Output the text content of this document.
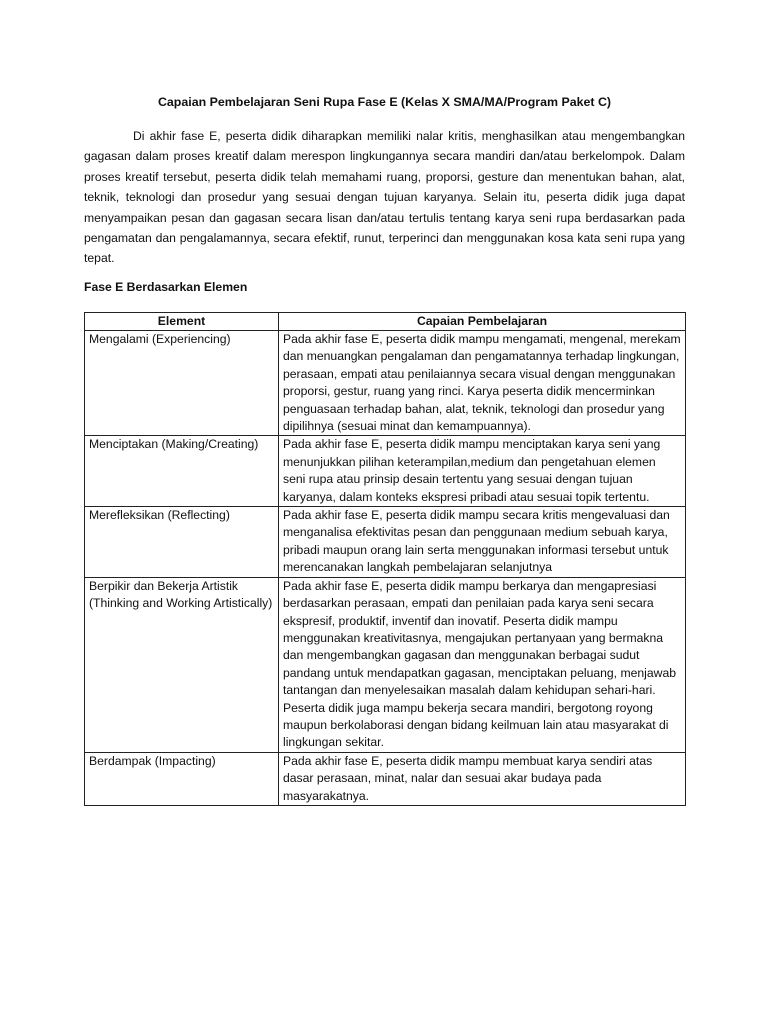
Capaian Pembelajaran Seni Rupa Fase E (Kelas X SMA/MA/Program Paket C)

Di akhir fase E, peserta didik diharapkan memiliki nalar kritis, menghasilkan atau mengembangkan gagasan dalam proses kreatif dalam merespon lingkungannya secara mandiri dan/atau berkelompok. Dalam proses kreatif tersebut, peserta didik telah memahami ruang, proporsi, gesture dan menentukan bahan, alat, teknik, teknologi dan prosedur yang sesuai dengan tujuan karyanya. Selain itu, peserta didik juga dapat menyampaikan pesan dan gagasan secara lisan dan/atau tertulis tentang karya seni rupa berdasarkan pada pengamatan dan pengalamannya, secara efektif, runut, terperinci dan menggunakan kosa kata seni rupa yang tepat.

Fase E Berdasarkan Elemen
Element	Capaian Pembelajaran
Mengalami (Experiencing)	Pada akhir fase E, peserta didik mampu mengamati, mengenal, merekam dan menuangkan pengalaman dan pengamatannya terhadap lingkungan, perasaan, empati atau penilaiannya secara visual dengan menggunakan proporsi, gestur, ruang yang rinci. Karya peserta didik mencerminkan penguasaan terhadap bahan, alat, teknik, teknologi dan prosedur yang dipilihnya (sesuai minat dan kemampuannya).
Menciptakan (Making/Creating)	Pada akhir fase E, peserta didik mampu menciptakan karya seni yang menunjukkan pilihan keterampilan,medium dan pengetahuan elemen seni rupa atau prinsip desain tertentu yang sesuai dengan tujuan karyanya, dalam konteks ekspresi pribadi atau sesuai topik tertentu.
Merefleksikan (Reflecting)	Pada akhir fase E, peserta didik mampu secara kritis mengevaluasi dan menganalisa efektivitas pesan dan penggunaan medium sebuah karya, pribadi maupun orang lain serta menggunakan informasi tersebut untuk merencanakan langkah pembelajaran selanjutnya
Berpikir dan Bekerja Artistik (Thinking and Working Artistically)	Pada akhir fase E, peserta didik mampu berkarya dan mengapresiasi berdasarkan perasaan, empati dan penilaian pada karya seni secara ekspresif, produktif, inventif dan inovatif. Peserta didik mampu menggunakan kreativitasnya, mengajukan pertanyaan yang bermakna dan mengembangkan gagasan dan menggunakan berbagai sudut pandang untuk mendapatkan gagasan, menciptakan peluang, menjawab tantangan dan menyelesaikan masalah dalam kehidupan sehari-hari. Peserta didik juga mampu bekerja secara mandiri, bergotong royong maupun berkolaborasi dengan bidang keilmuan lain atau masyarakat di lingkungan sekitar.
Berdampak (Impacting)	Pada akhir fase E, peserta didik mampu membuat karya sendiri atas dasar perasaan, minat, nalar dan sesuai akar budaya pada masyarakatnya.
